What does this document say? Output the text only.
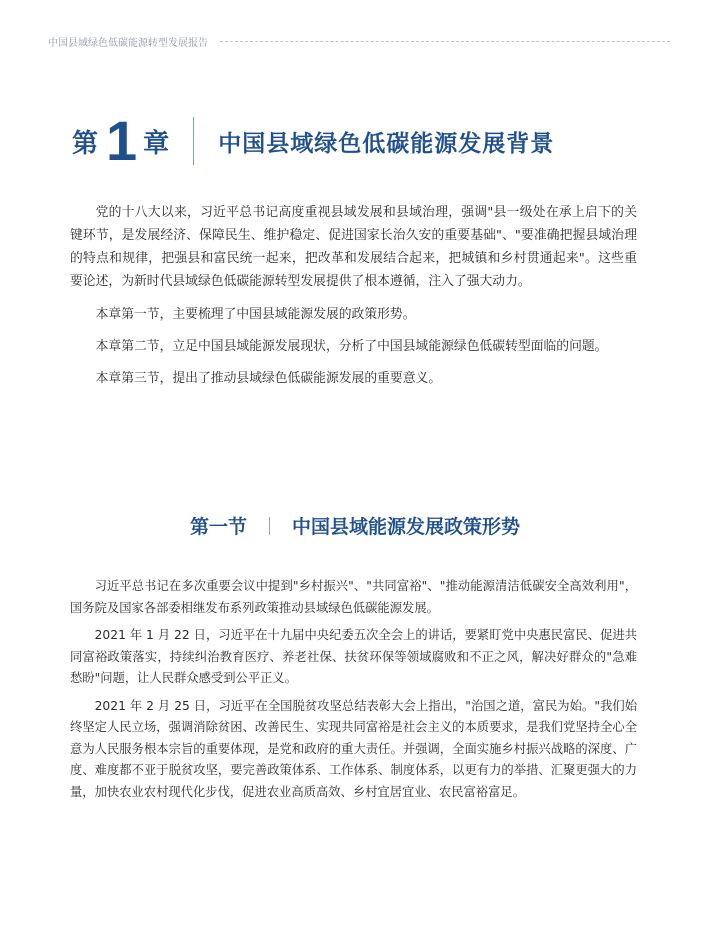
中国县域绿色低碳能源转型发展报告
第 1 章 中国县域绿色低碳能源发展背景

党的十八大以来，习近平总书记高度重视县域发展和县域治理，强调"县一级处在承上启下的关键环节，是发展经济、保障民生、维护稳定、促进国家长治久安的重要基础"、"要准确把握县域治理的特点和规律，把强县和富民统一起来，把改革和发展结合起来，把城镇和乡村贯通起来"。这些重要论述，为新时代县域绿色低碳能源转型发展提供了根本遵循，注入了强大动力。

本章第一节，主要梳理了中国县域能源发展的政策形势。

本章第二节，立足中国县域能源发展现状，分析了中国县域能源绿色低碳转型面临的问题。

本章第三节，提出了推动县域绿色低碳能源发展的重要意义。

第一节 中国县域能源发展政策形势

习近平总书记在多次重要会议中提到"乡村振兴"、"共同富裕"、"推动能源清洁低碳安全高效利用"，国务院及国家各部委相继发布系列政策推动县域绿色低碳能源发展。

2021 年 1 月 22 日，习近平在十九届中央纪委五次全会上的讲话，要紧盯党中央惠民富民、促进共同富裕政策落实，持续纠治教育医疗、养老社保、扶贫环保等领域腐败和不正之风，解决好群众的"急难愁盼"问题，让人民群众感受到公平正义。

2021 年 2 月 25 日，习近平在全国脱贫攻坚总结表彰大会上指出，"治国之道，富民为始。"我们始终坚定人民立场，强调消除贫困、改善民生、实现共同富裕是社会主义的本质要求，是我们党坚持全心全意为人民服务根本宗旨的重要体现，是党和政府的重大责任。并强调，全面实施乡村振兴战略的深度、广度、难度都不亚于脱贫攻坚，要完善政策体系、工作体系、制度体系，以更有力的举措、汇聚更强大的力量，加快农业农村现代化步伐，促进农业高质高效、乡村宜居宜业、农民富裕富足。
